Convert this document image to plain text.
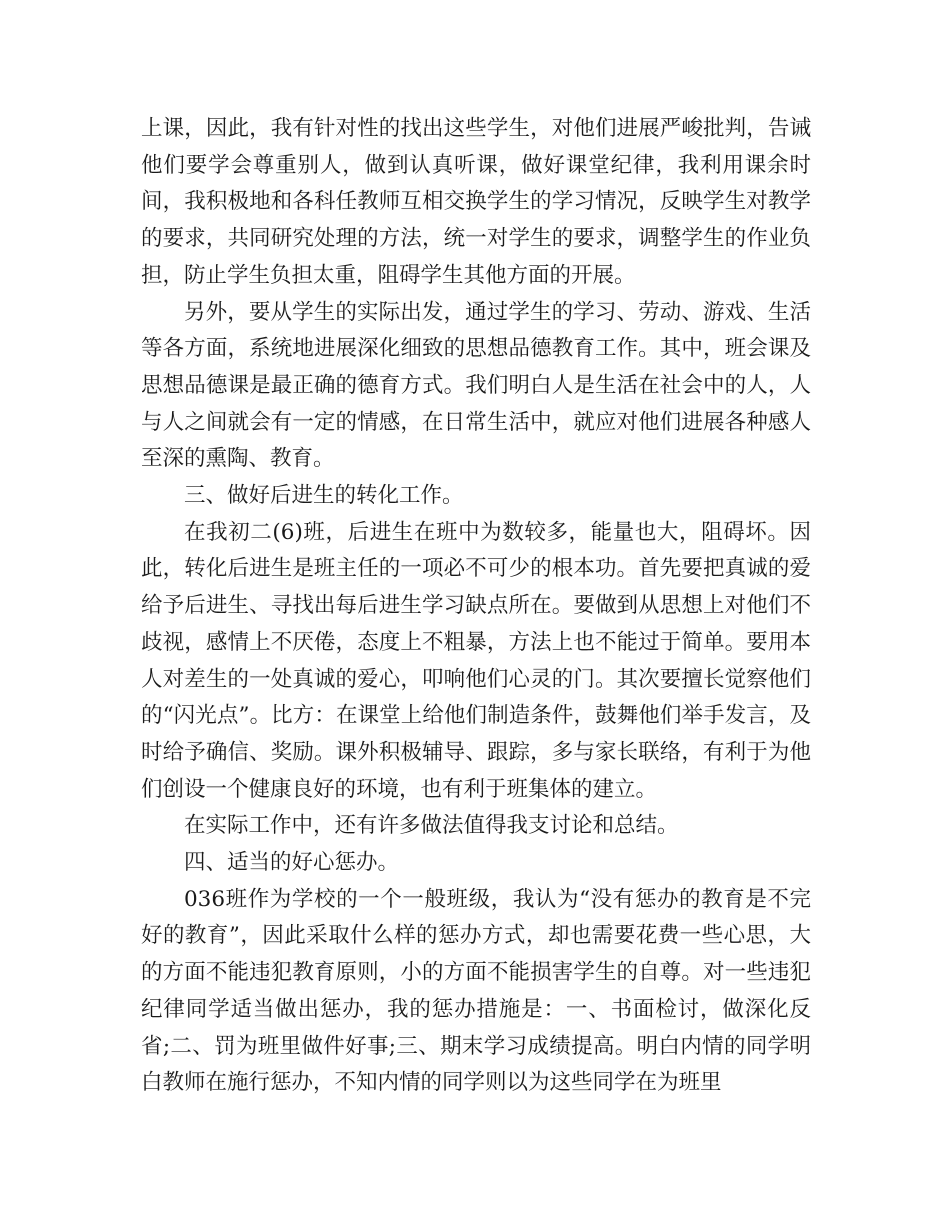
上课，因此，我有针对性的找出这些学生，对他们进展严峻批判，告诫他们要学会尊重别人，做到认真听课，做好课堂纪律，我利用课余时间，我积极地和各科任教师互相交换学生的学习情况，反映学生对教学的要求，共同研究处理的方法，统一对学生的要求，调整学生的作业负担，防止学生负担太重，阻碍学生其他方面的开展。

另外，要从学生的实际出发，通过学生的学习、劳动、游戏、生活等各方面，系统地进展深化细致的思想品德教育工作。其中，班会课及思想品德课是最正确的德育方式。我们明白人是生活在社会中的人，人与人之间就会有一定的情感，在日常生活中，就应对他们进展各种感人至深的熏陶、教育。

三、做好后进生的转化工作。

在我初二(6)班，后进生在班中为数较多，能量也大，阻碍坏。因此，转化后进生是班主任的一项必不可少的根本功。首先要把真诚的爱给予后进生、寻找出每后进生学习缺点所在。要做到从思想上对他们不歧视，感情上不厌倦，态度上不粗暴，方法上也不能过于简单。要用本人对差生的一处真诚的爱心，叩响他们心灵的门。其次要擅长觉察他们的“闪光点”。比方：在课堂上给他们制造条件，鼓舞他们举手发言，及时给予确信、奖励。课外积极辅导、跟踪，多与家长联络，有利于为他们创设一个健康良好的环境，也有利于班集体的建立。

在实际工作中，还有许多做法值得我支讨论和总结。

四、适当的好心惩办。

036班作为学校的一个一般班级，我认为“没有惩办的教育是不完好的教育”，因此采取什么样的惩办方式，却也需要花费一些心思，大的方面不能违犯教育原则，小的方面不能损害学生的自尊。对一些违犯纪律同学适当做出惩办，我的惩办措施是：一、书面检讨，做深化反省;二、罚为班里做件好事;三、期末学习成绩提高。明白内情的同学明白教师在施行惩办，不知内情的同学则以为这些同学在为班里
